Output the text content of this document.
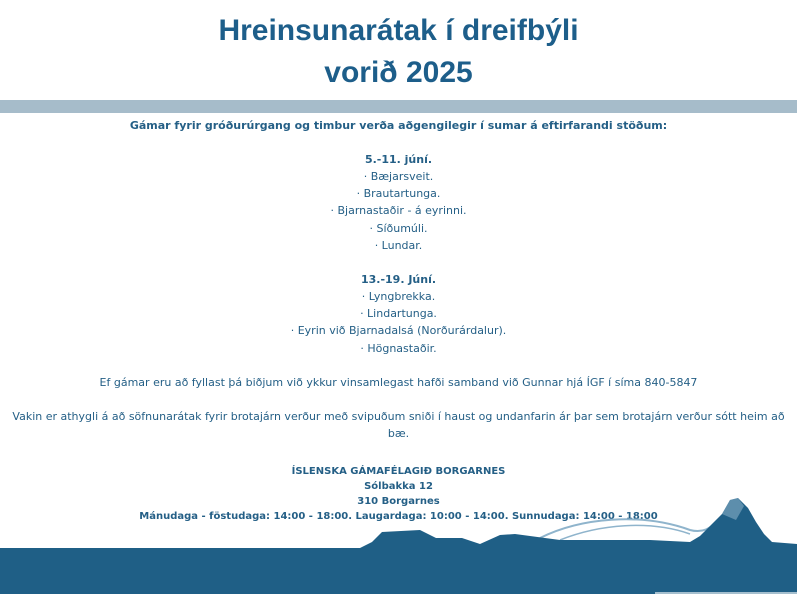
Hreinsunarátak í dreifbýli
vorið 2025

Gámar fyrir gróðurúrgang og timbur verða aðgengilegir í sumar á eftirfarandi stöðum:

5.-11. júní.

· Bæjarsveit.

· Brautartunga.

· Bjarnastaðir - á eyrinni.

· Síðumúli.

· Lundar.

13.-19. Júní.

· Lyngbrekka.

· Lindartunga.

· Eyrin við Bjarnadalsá (Norðurárdalur).

· Högnastaðir.

Ef gámar eru að fyllast þá biðjum við ykkur vinsamlegast hafði samband við Gunnar hjá ÍGF í síma 840-5847

Vakin er athygli á að söfnunarátak fyrir brotajárn verður með svipuðum sniði í haust og undanfarin ár þar sem brotajárn verður sótt heim að bæ.

ÍSLENSKA GÁMAFÉLAGIÐ BORGARNES

Sólbakka 12

310 Borgarnes

Mánudaga - föstudaga: 14:00 - 18:00. Laugardaga: 10:00 - 14:00. Sunnudaga: 14:00 - 18:00
